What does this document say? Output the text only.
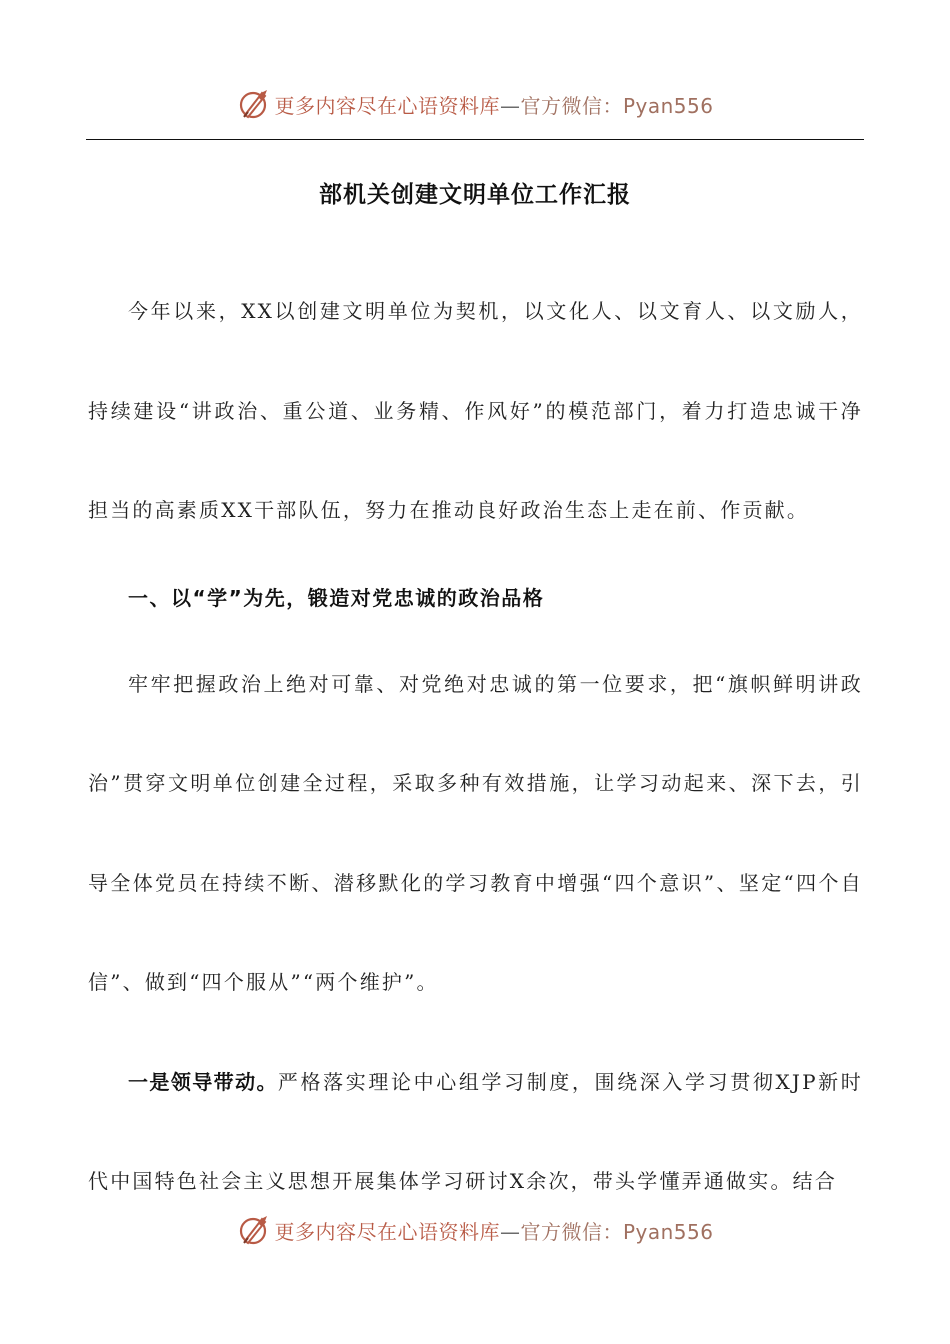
更多内容尽在心语资料库—官方微信：Pyan556
部机关创建文明单位工作汇报

今年以来，XX以创建文明单位为契机，以文化人、以文育人、以文励人，持续建设“讲政治、重公道、业务精、作风好”的模范部门，着力打造忠诚干净担当的高素质XX干部队伍，努力在推动良好政治生态上走在前、作贡献。

一、以“学”为先，锻造对党忠诚的政治品格

牢牢把握政治上绝对可靠、对党绝对忠诚的第一位要求，把“旗帜鲜明讲政治”贯穿文明单位创建全过程，采取多种有效措施，让学习动起来、深下去，引导全体党员在持续不断、潜移默化的学习教育中增强“四个意识”、坚定“四个自信”、做到“四个服从”“两个维护”。

一是领导带动。严格落实理论中心组学习制度，围绕深入学习贯彻XJP新时代中国特色社会主义思想开展集体学习研讨X余次，带头学懂弄通做实。结合

更多内容尽在心语资料库—官方微信：Pyan556
